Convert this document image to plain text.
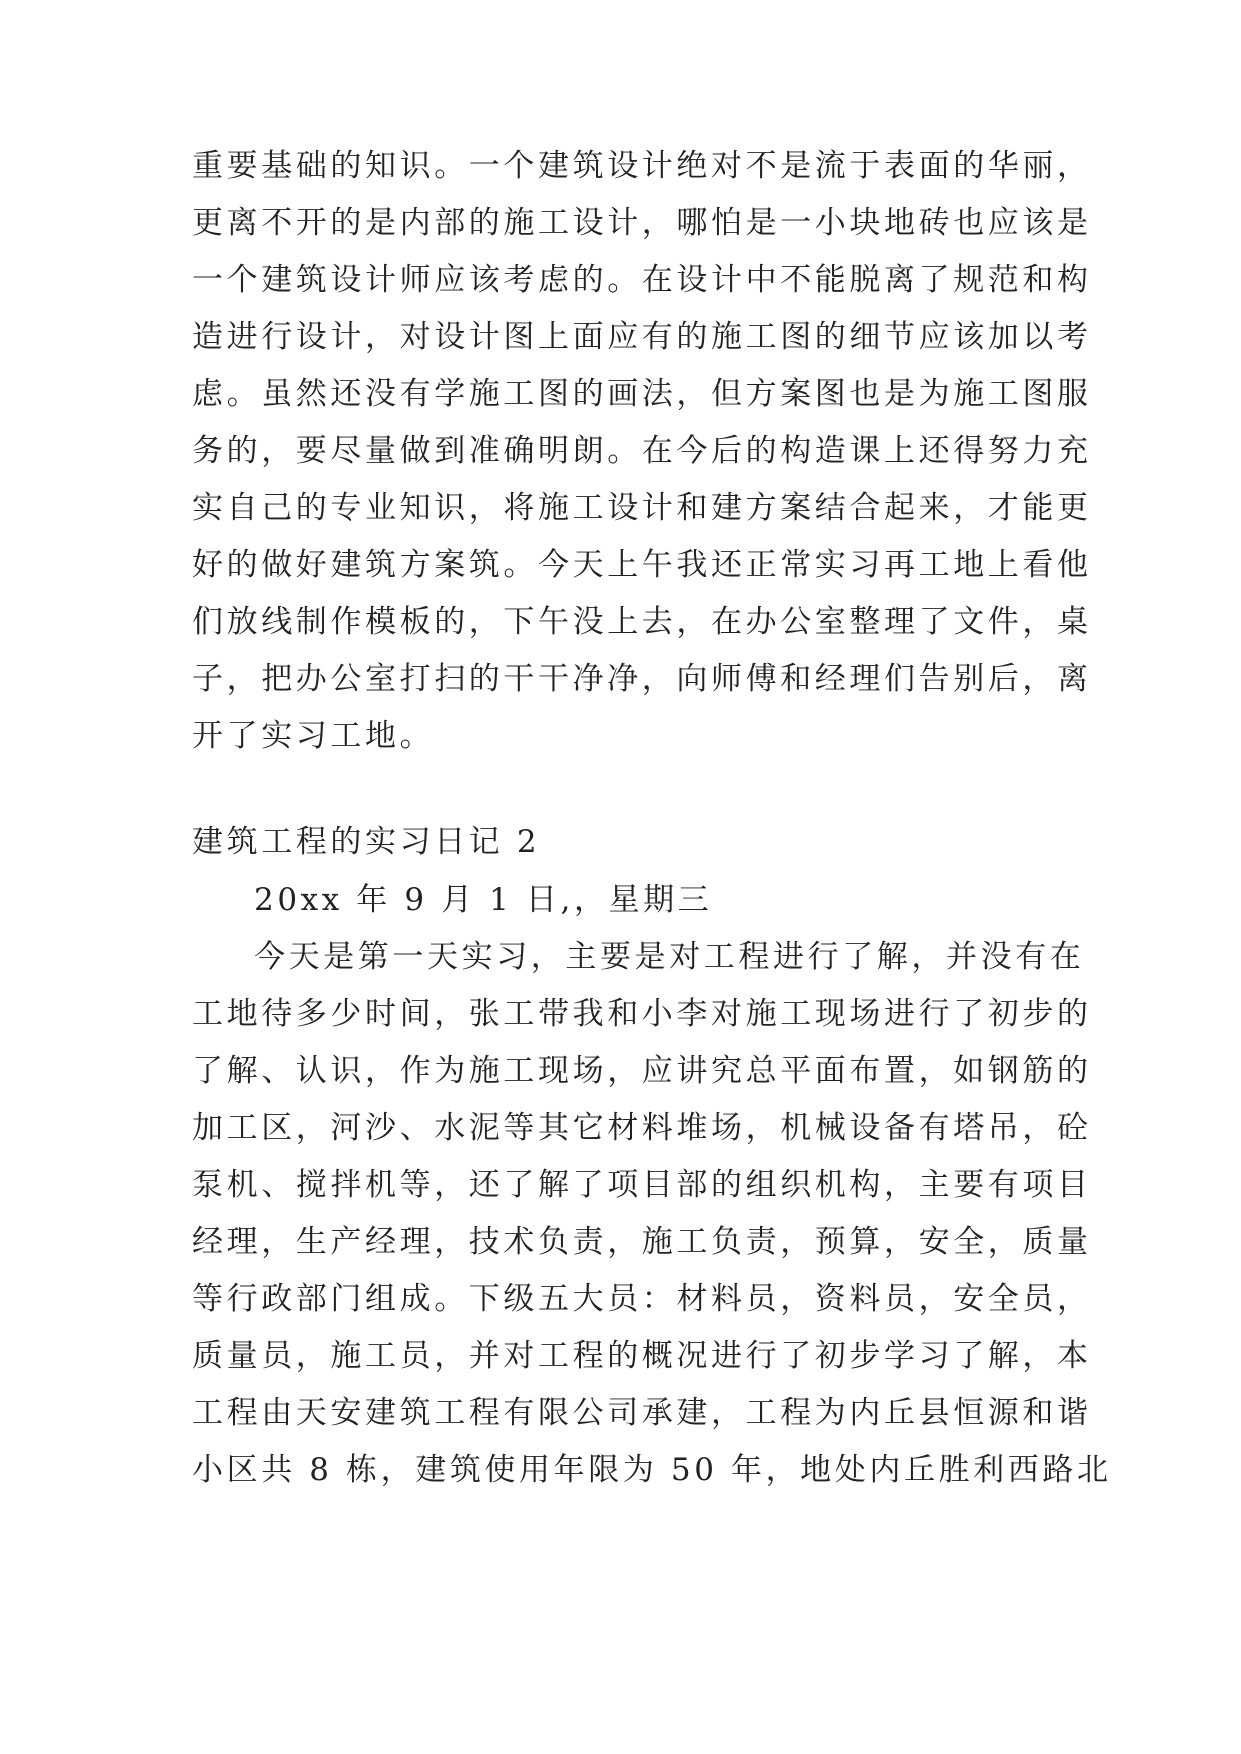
重要基础的知识。一个建筑设计绝对不是流于表面的华丽，
更离不开的是内部的施工设计，哪怕是一小块地砖也应该是
一个建筑设计师应该考虑的。在设计中不能脱离了规范和构
造进行设计，对设计图上面应有的施工图的细节应该加以考
虑。虽然还没有学施工图的画法，但方案图也是为施工图服
务的，要尽量做到准确明朗。在今后的构造课上还得努力充
实自己的专业知识，将施工设计和建方案结合起来，才能更
好的做好建筑方案筑。今天上午我还正常实习再工地上看他
们放线制作模板的，下午没上去，在办公室整理了文件，桌
子，把办公室打扫的干干净净，向师傅和经理们告别后，离
开了实习工地。
建筑工程的实习日记 2
20xx 年 9 月 1 日,，星期三
今天是第一天实习，主要是对工程进行了解，并没有在
工地待多少时间，张工带我和小李对施工现场进行了初步的
了解、认识，作为施工现场，应讲究总平面布置，如钢筋的
加工区，河沙、水泥等其它材料堆场，机械设备有塔吊，砼
泵机、搅拌机等，还了解了项目部的组织机构，主要有项目
经理，生产经理，技术负责，施工负责，预算，安全，质量
等行政部门组成。下级五大员：材料员，资料员，安全员，
质量员，施工员，并对工程的概况进行了初步学习了解，本
工程由天安建筑工程有限公司承建，工程为内丘县恒源和谐
小区共 8 栋，建筑使用年限为 50 年，地处内丘胜利西路北
